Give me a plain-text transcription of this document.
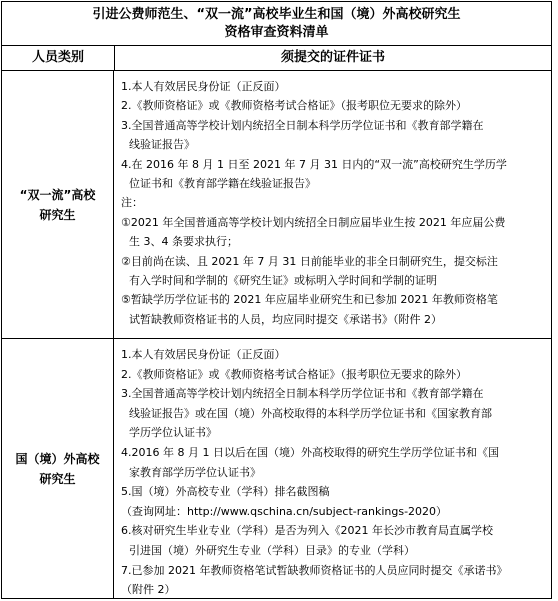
引进公费师范生、“双一流”高校毕业生和国（境）外高校研究生
资格审查资料清单
人员类别	须提交的证件证书
“双一流”高校
研究生
1.本人有效居民身份证（正反面）
2.《教师资格证》或《教师资格考试合格证》（报考职位无要求的除外）
3.全国普通高等学校计划内统招全日制本科学历学位证书和《教育部学籍在
线验证报告》
4.在 2016 年 8 月 1 日至 2021 年 7 月 31 日内的“双一流”高校研究生学历学
位证书和《教育部学籍在线验证报告》
注：
①2021 年全国普通高等学校计划内统招全日制应届毕业生按 2021 年应届公费
生 3、4 条要求执行；
②目前尚在读、且 2021 年 7 月 31 日前能毕业的非全日制研究生，提交标注
有入学时间和学制的《研究生证》或标明入学时间和学制的证明
⑤暂缺学历学位证书的 2021 年应届毕业研究生和已参加 2021 年教师资格笔
试暂缺教师资格证书的人员，均应同时提交《承诺书》（附件 2）
国（境）外高校
研究生
1.本人有效居民身份证（正反面）
2.《教师资格证》或《教师资格考试合格证》（报考职位无要求的除外）
3.全国普通高等学校计划内统招全日制本科学历学位证书和《教育部学籍在
线验证报告》或在国（境）外高校取得的本科学历学位证书和《国家教育部
学历学位认证书》
4.2016 年 8 月 1 日以后在国（境）外高校取得的研究生学历学位证书和《国
家教育部学历学位认证书》
5.国（境）外高校专业（学科）排名截图稿
（查询网址：http://www.qschina.cn/subject-rankings-2020）
6.核对研究生毕业专业（学科）是否为列入《2021 年长沙市教育局直属学校
引进国（境）外研究生专业（学科）目录》的专业（学科）
7.已参加 2021 年教师资格笔试暂缺教师资格证书的人员应同时提交《承诺书》
（附件 2）
